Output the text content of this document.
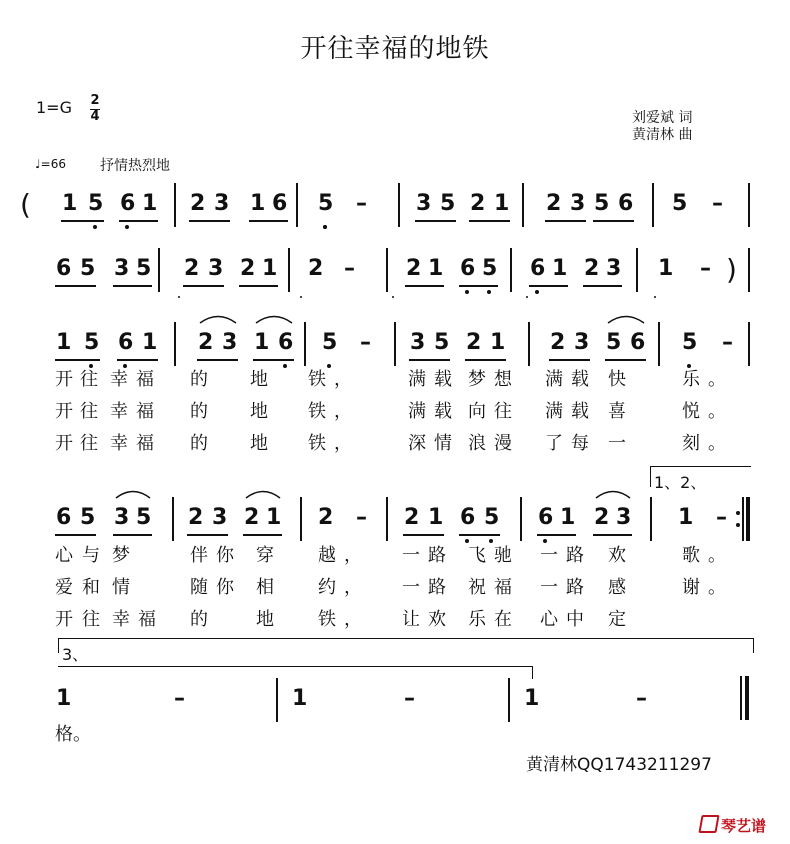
开往幸福的地铁
1=G 2
4	刘爱斌 词
黄清林 曲
♩=66 抒情热烈地
( 1 5 6 1 2 3 1 6 5 – 3 5 2 1 2 3 5 6 5 –
6 5 3 5 2 3 2 1 2 – 2 1 6 5 6 1 2 3 1 – )
1 5 6 1 2 3 1 6 5 – 3 5 2 1 2 3 5 6 5 –
开 往 幸福 的 地 铁，	满载 梦想 满载 快	乐。
开 往 幸福 的 地 铁，	满载 向往 满载 喜	悦。
开 往 幸福 的 地 铁，	深情 浪漫 了每 一	刻。
1、2、
6 5 3 5 2 3 2 1 2 – 2 1 6 5 6 1 2 3 1 –
心 与 梦	伴你 穿 越， 一路 飞驰 一路 欢	歌。
爱 和 情	随你 相 约， 一路 祝福 一路 感	谢。
开 往 幸福 的 地 铁， 让欢 乐在 心中 定
3、
1	–	1	–	1	–
格。
黄清林QQ1743211297
琴艺谱
